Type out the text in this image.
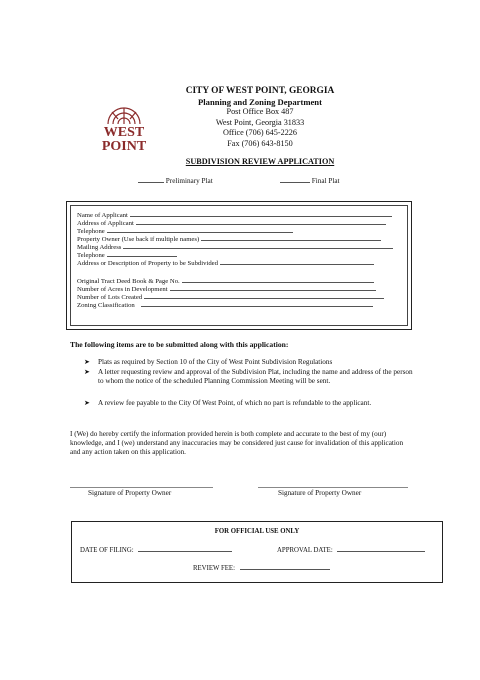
WEST
POINT
CITY OF WEST POINT, GEORGIA
Planning and Zoning Department
Post Office Box 487
West Point, Georgia 31833
Office (706) 645-2226
Fax (706) 643-8150
SUBDIVISION REVIEW APPLICATION
Preliminary Plat	Final Plat
Name of Applicant
Address of Applicant
Telephone
Property Owner (Use back if multiple names)
Mailing Address
Telephone
Address or Description of Property to be Subdivided
Original Tract Deed Book & Page No.
Number of Acres in Development
Number of Lots Created
Zoning Classification
The following items are to be submitted along with this application:
➤ Plats as required by Section 10 of the City of West Point Subdivision Regulations
➤ A letter requesting review and approval of the Subdivision Plat, including the name and address of the person to whom the notice of the scheduled Planning Commission Meeting will be sent.
➤ A review fee payable to the City Of West Point, of which no part is refundable to the applicant.
I (We) do hereby certify the information provided herein is both complete and accurate to the best of my (our) knowledge, and I (we) understand any inaccuracies may be considered just cause for invalidation of this application and any action taken on this application.
Signature of Property Owner	Signature of Property Owner
FOR OFFICIAL USE ONLY
DATE OF FILING:	APPROVAL DATE:
REVIEW FEE:
